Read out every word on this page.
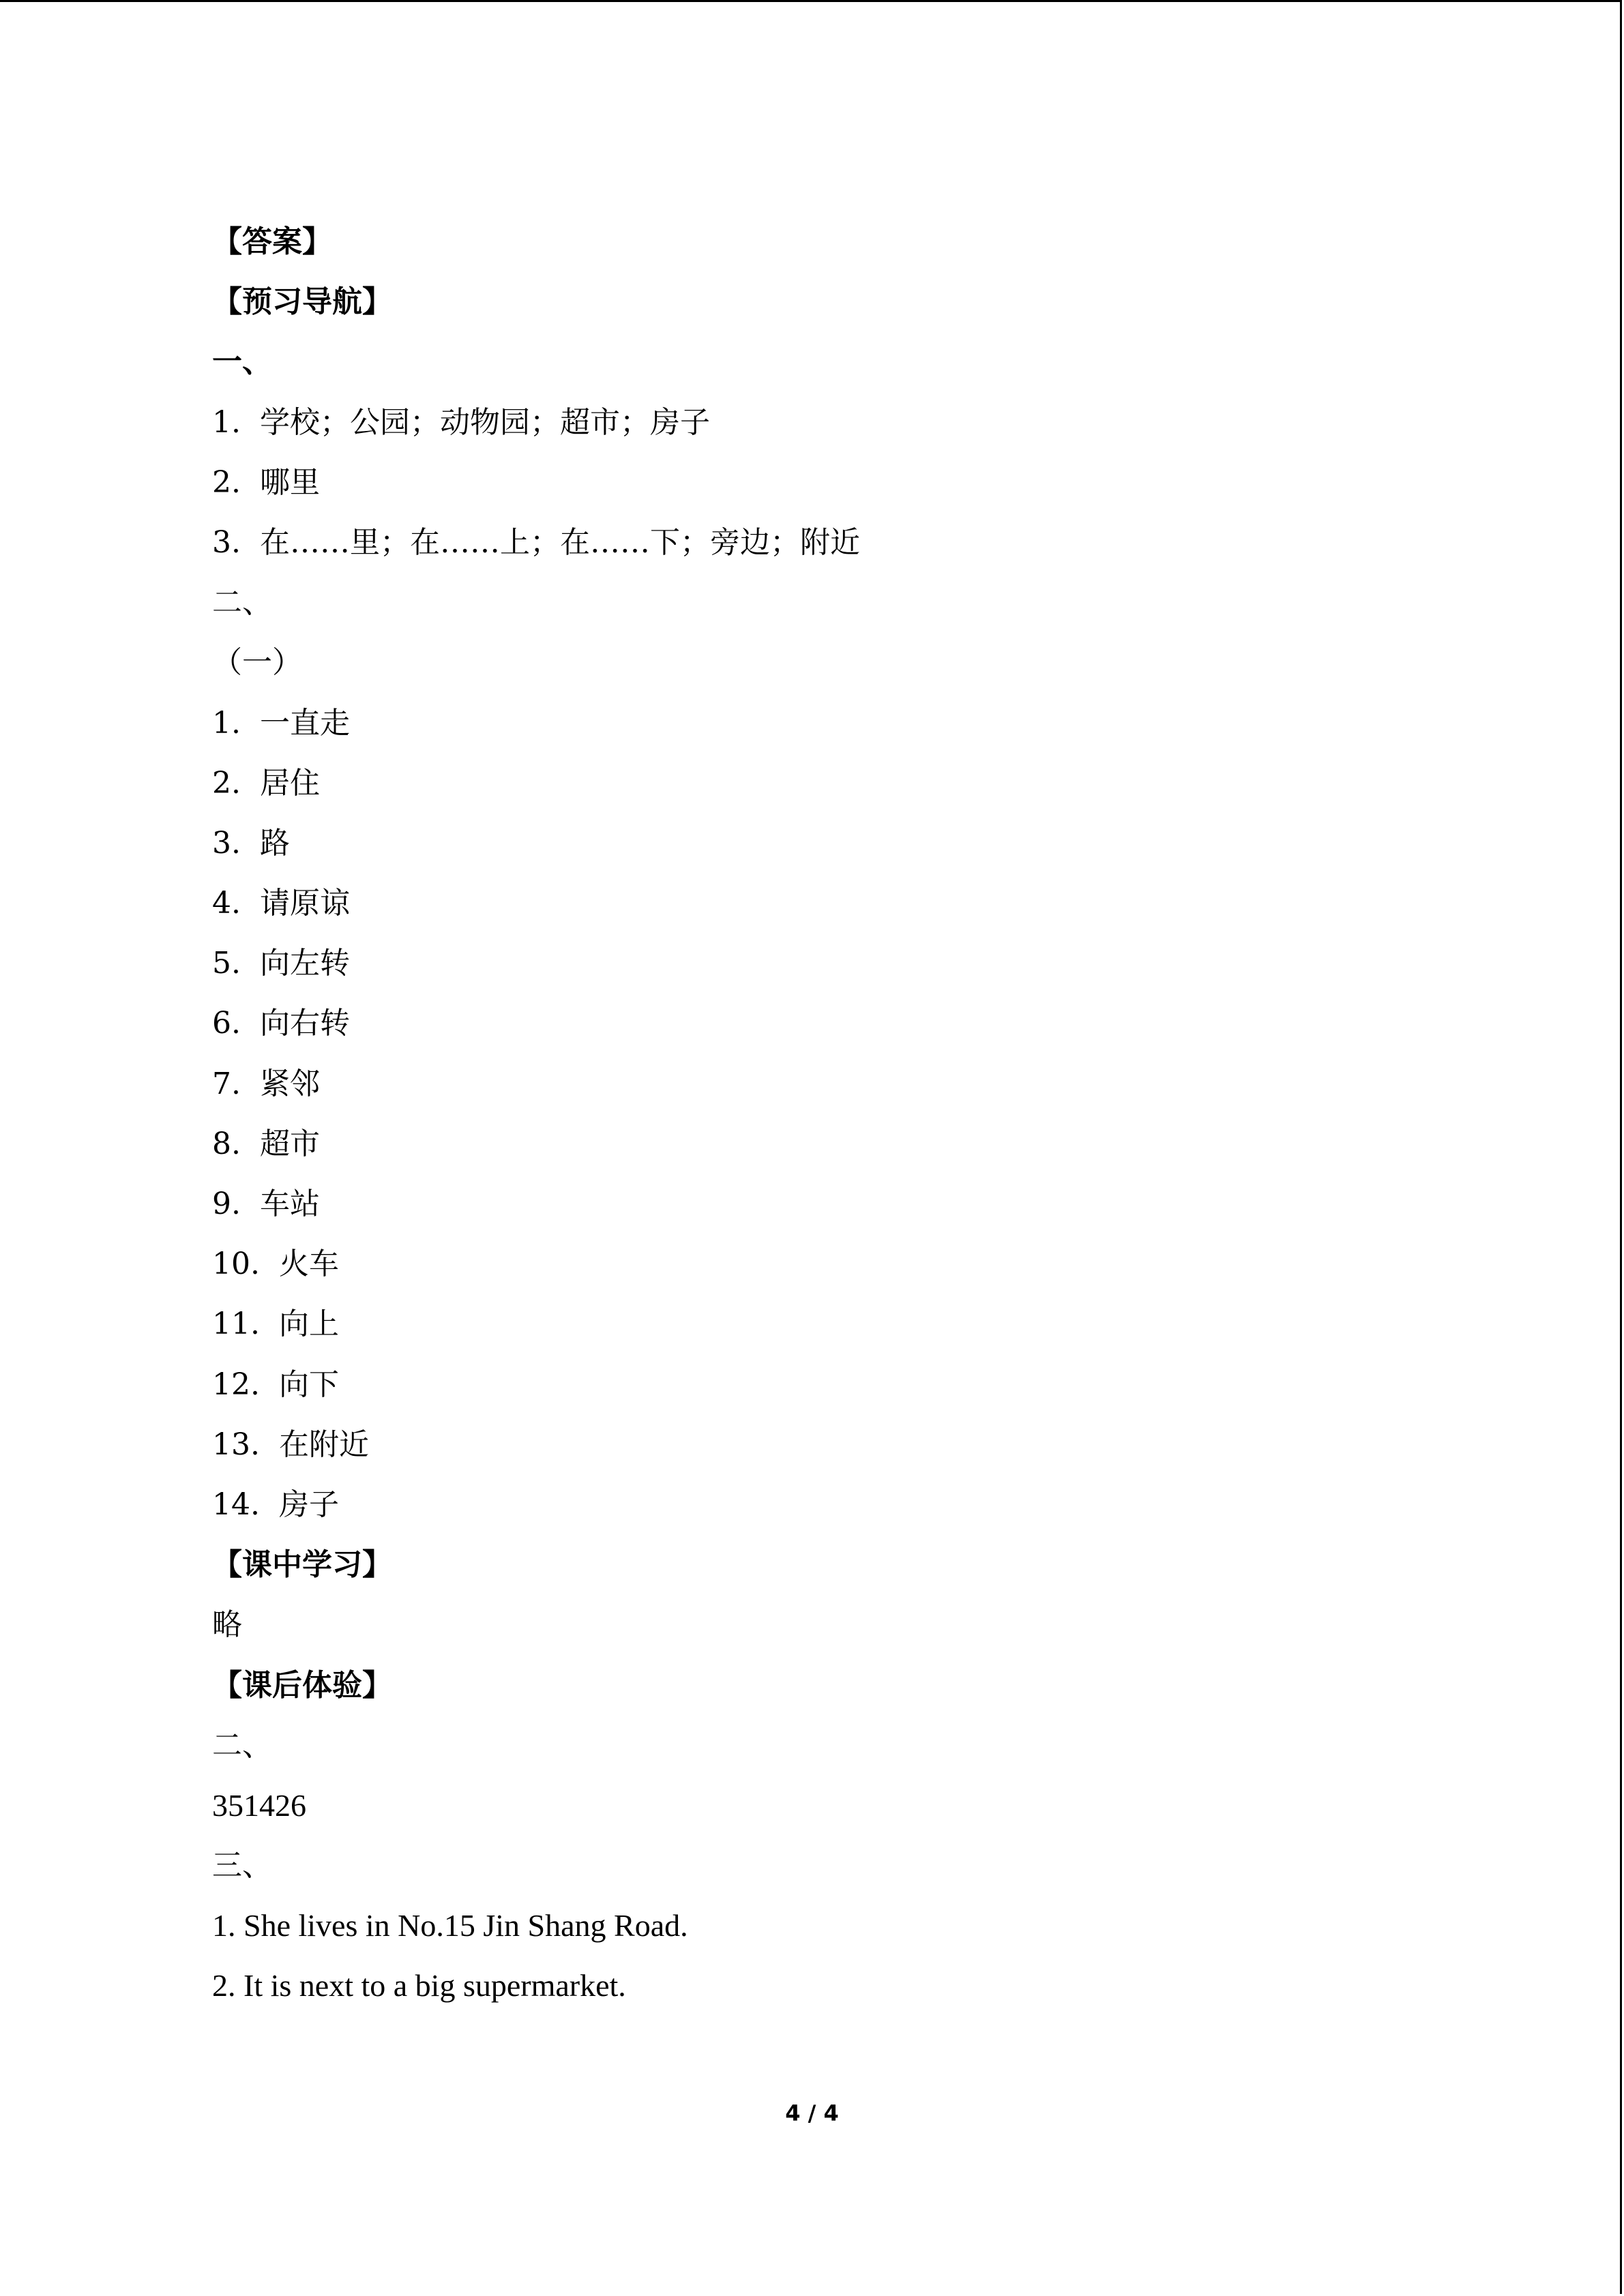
【答案】
【预习导航】
一、
1.  学校；公园；动物园；超市；房子
2.  哪里
3.  在……里；在……上；在……下；旁边；附近
二、
（一）
1.  一直走
2.  居住
3.  路
4.  请原谅
5.  向左转
6.  向右转
7.  紧邻
8.  超市
9.  车站
10.  火车
11.  向上
12.  向下
13.  在附近
14.  房子
【课中学习】
略
【课后体验】
二、
351426
三、
1. She lives in No.15 Jin Shang Road.
2. It is next to a big supermarket.
4 / 4
